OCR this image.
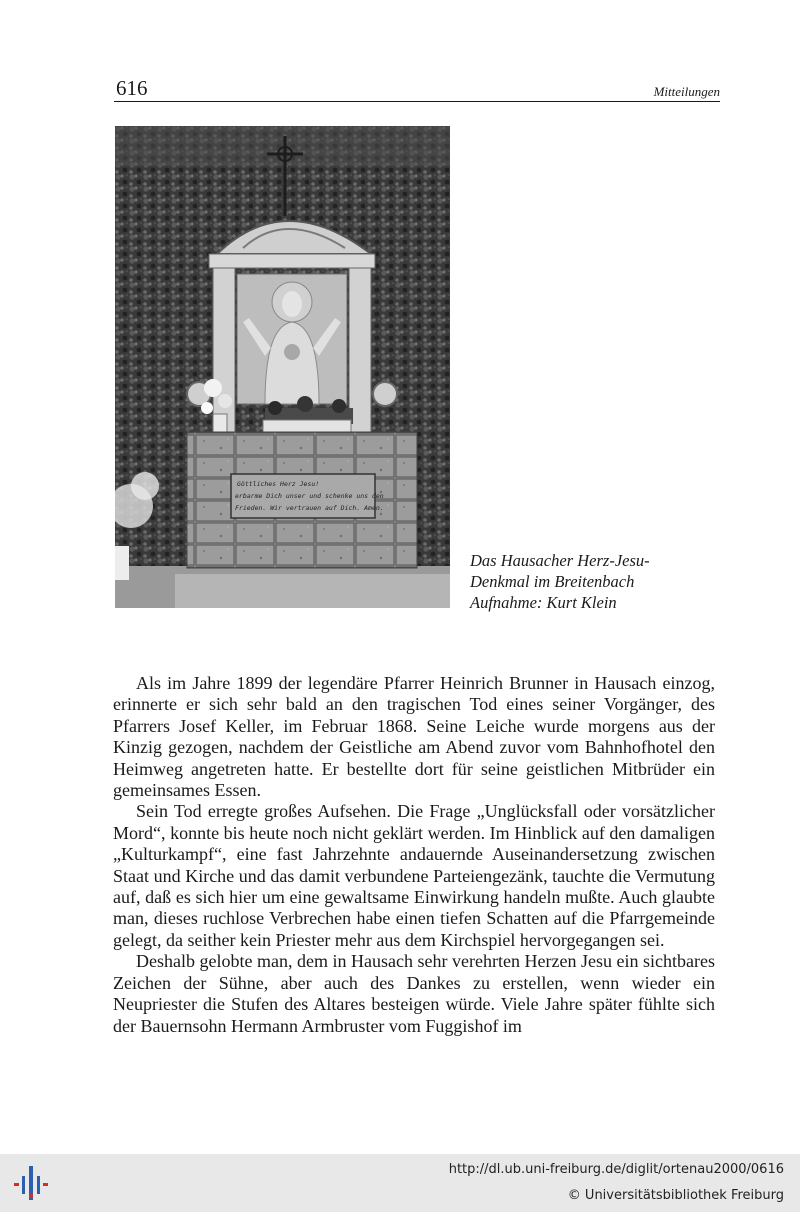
616	Mitteilungen
Göttliches Herz Jesu!
erbarme Dich unser und schenke uns den
Frieden. Wir vertrauen auf Dich. Amen.
Das Hausacher Herz-Jesu-
Denkmal im Breitenbach
Aufnahme: Kurt Klein

Als im Jahre 1899 der legendäre Pfarrer Heinrich Brunner in Hausach einzog, erinnerte er sich sehr bald an den tragischen Tod eines seiner Vorgänger, des Pfarrers Josef Keller, im Februar 1868. Seine Leiche wurde morgens aus der Kinzig gezogen, nachdem der Geistliche am Abend zuvor vom Bahnhofhotel den Heimweg angetreten hatte. Er bestellte dort für seine geistlichen Mitbrüder ein gemeinsames Essen.

Sein Tod erregte großes Aufsehen. Die Frage „Unglücksfall oder vorsätzlicher Mord“, konnte bis heute noch nicht geklärt werden. Im Hinblick auf den damaligen „Kulturkampf“, eine fast Jahrzehnte andauernde Auseinandersetzung zwischen Staat und Kirche und das damit verbundene Parteiengezänk, tauchte die Vermutung auf, daß es sich hier um eine gewaltsame Einwirkung handeln mußte. Auch glaubte man, dieses ruchlose Verbrechen habe einen tiefen Schatten auf die Pfarrgemeinde gelegt, da seither kein Priester mehr aus dem Kirchspiel hervorgegangen sei.

Deshalb gelobte man, dem in Hausach sehr verehrten Herzen Jesu ein sichtbares Zeichen der Sühne, aber auch des Dankes zu erstellen, wenn wieder ein Neupriester die Stufen des Altares besteigen würde. Viele Jahre später fühlte sich der Bauernsohn Hermann Armbruster vom Fuggishof im

http://dl.ub.uni-freiburg.de/diglit/ortenau2000/0616
© Universitätsbibliothek Freiburg
